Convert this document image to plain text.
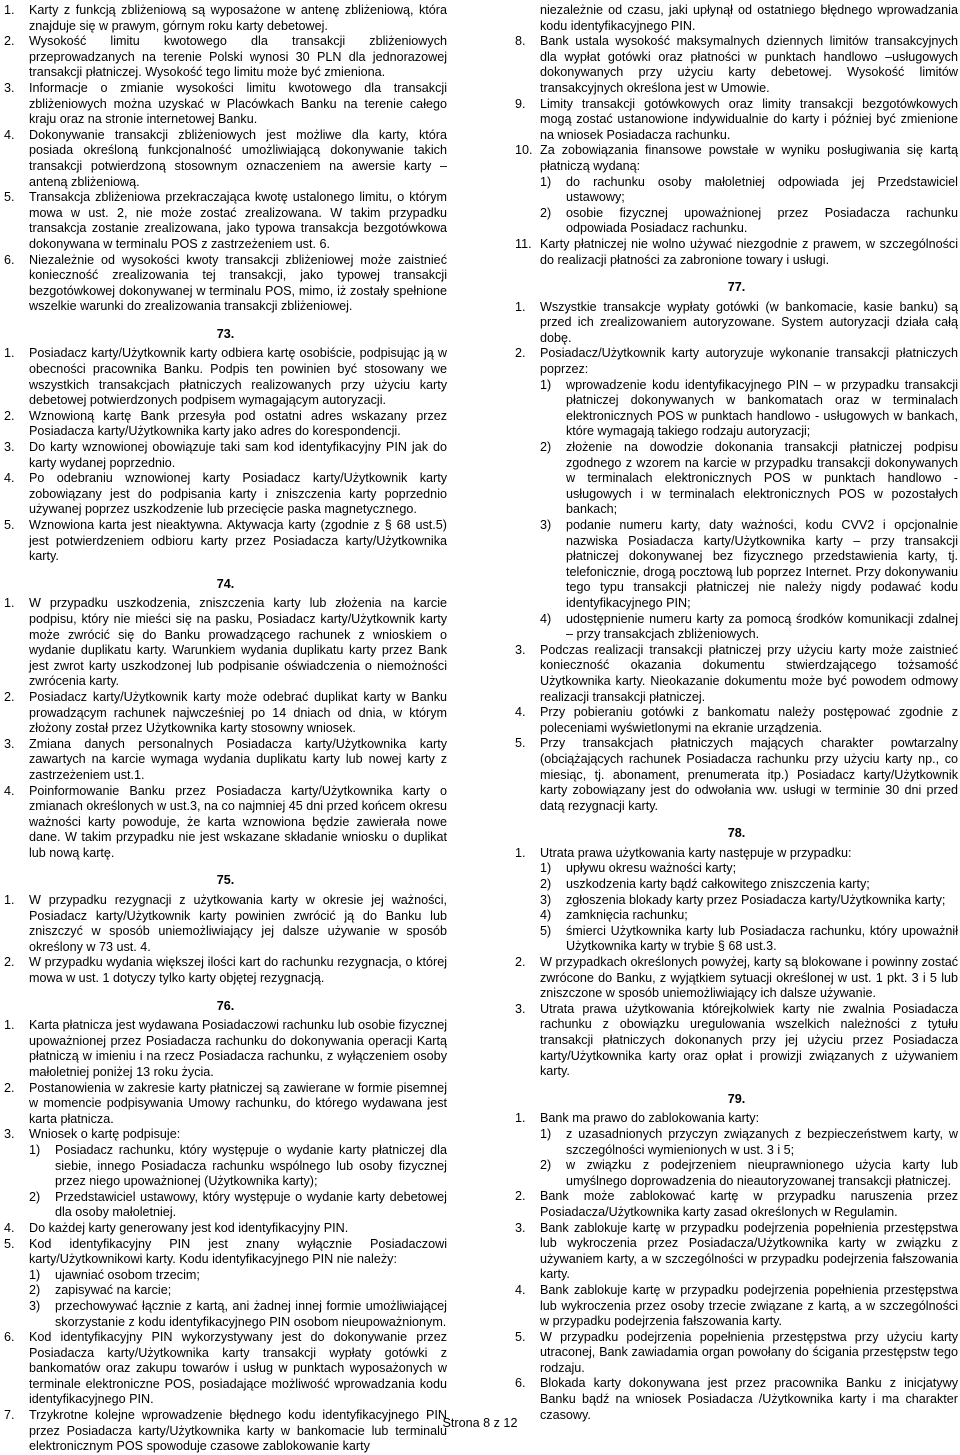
1. Karty z funkcją zbliżeniową są wyposażone w antenę zbliżeniową, która znajduje się w prawym, górnym roku karty debetowej.
2. Wysokość limitu kwotowego dla transakcji zbliżeniowych przeprowadzanych na terenie Polski wynosi 30 PLN dla jednorazowej transakcji płatniczej. Wysokość tego limitu może być zmieniona.
3. Informacje o zmianie wysokości limitu kwotowego dla transakcji zbliżeniowych można uzyskać w Placówkach Banku na terenie całego kraju oraz na stronie internetowej Banku.
4. Dokonywanie transakcji zbliżeniowych jest możliwe dla karty, która posiada określoną funkcjonalność umożliwiającą dokonywanie takich transakcji potwierdzoną stosownym oznaczeniem na awersie karty – anteną zbliżeniową.
5. Transakcja zbliżeniowa przekraczająca kwotę ustalonego limitu, o którym mowa w ust. 2, nie może zostać zrealizowana. W takim przypadku transakcja zostanie zrealizowana, jako typowa transakcja bezgotówkowa dokonywana w terminalu POS z zastrzeżeniem ust. 6.
6. Niezależnie od wysokości kwoty transakcji zbliżeniowej może zaistnieć konieczność zrealizowania tej transakcji, jako typowej transakcji bezgotówkowej dokonywanej w terminalu POS, mimo, iż zostały spełnione wszelkie warunki do zrealizowania transakcji zbliżeniowej.
73.
1. Posiadacz karty/Użytkownik karty odbiera kartę osobiście, podpisując ją w obecności pracownika Banku. Podpis ten powinien być stosowany we wszystkich transakcjach płatniczych realizowanych przy użyciu karty debetowej potwierdzonych podpisem wymagającym autoryzacji.
2. Wznowioną kartę Bank przesyła pod ostatni adres wskazany przez Posiadacza karty/Użytkownika karty jako adres do korespondencji.
3. Do karty wznowionej obowiązuje taki sam kod identyfikacyjny PIN jak do karty wydanej poprzednio.
4. Po odebraniu wznowionej karty Posiadacz karty/Użytkownik karty zobowiązany jest do podpisania karty i zniszczenia karty poprzednio używanej poprzez uszkodzenie lub przecięcie paska magnetycznego.
5. Wznowiona karta jest nieaktywna. Aktywacja karty (zgodnie z § 68 ust.5) jest potwierdzeniem odbioru karty przez Posiadacza karty/Użytkownika karty.
74.
1. W przypadku uszkodzenia, zniszczenia karty lub złożenia na karcie podpisu, który nie mieści się na pasku, Posiadacz karty/Użytkownik karty może zwrócić się do Banku prowadzącego rachunek z wnioskiem o wydanie duplikatu karty. Warunkiem wydania duplikatu karty przez Bank jest zwrot karty uszkodzonej lub podpisanie oświadczenia o niemożności zwrócenia karty.
2. Posiadacz karty/Użytkownik karty może odebrać duplikat karty w Banku prowadzącym rachunek najwcześniej po 14 dniach od dnia, w którym złożony został przez Użytkownika karty stosowny wniosek.
3. Zmiana danych personalnych Posiadacza karty/Użytkownika karty zawartych na karcie wymaga wydania duplikatu karty lub nowej karty z zastrzeżeniem ust.1.
4. Poinformowanie Banku przez Posiadacza karty/Użytkownika karty o zmianach określonych w ust.3, na co najmniej 45 dni przed końcem okresu ważności karty powoduje, że karta wznowiona będzie zawierała nowe dane. W takim przypadku nie jest wskazane składanie wniosku o duplikat lub nową kartę.
75.
1. W przypadku rezygnacji z użytkowania karty w okresie jej ważności, Posiadacz karty/Użytkownik karty powinien zwrócić ją do Banku lub zniszczyć w sposób uniemożliwiający jej dalsze używanie w sposób określony w 73 ust. 4.
2. W przypadku wydania większej ilości kart do rachunku rezygnacja, o której mowa w ust. 1 dotyczy tylko karty objętej rezygnacją.
76.
1. Karta płatnicza jest wydawana Posiadaczowi rachunku lub osobie fizycznej upoważnionej przez Posiadacza rachunku do dokonywania operacji Kartą płatniczą w imieniu i na rzecz Posiadacza rachunku, z wyłączeniem osoby małoletniej poniżej 13 roku życia.
2. Postanowienia w zakresie karty płatniczej są zawierane w formie pisemnej w momencie podpisywania Umowy rachunku, do którego wydawana jest karta płatnicza.
3. Wniosek o kartę podpisuje:
1) Posiadacz rachunku, który występuje o wydanie karty płatniczej dla siebie, innego Posiadacza rachunku wspólnego lub osoby fizycznej przez niego upoważnionej (Użytkownika karty);
2) Przedstawiciel ustawowy, który występuje o wydanie karty debetowej dla osoby małoletniej.
4. Do każdej karty generowany jest kod identyfikacyjny PIN.
5. Kod identyfikacyjny PIN jest znany wyłącznie Posiadaczowi karty/Użytkownikowi karty. Kodu identyfikacyjnego PIN nie należy:
1) ujawniać osobom trzecim;
2) zapisywać na karcie;
3) przechowywać łącznie z kartą, ani żadnej innej formie umożliwiającej skorzystanie z kodu identyfikacyjnego PIN osobom nieupoważnionym.
6. Kod identyfikacyjny PIN wykorzystywany jest do dokonywanie przez Posiadacza karty/Użytkownika karty transakcji wypłaty gotówki z bankomatów oraz zakupu towarów i usług w punktach wyposażonych w terminale elektroniczne POS, posiadające możliwość wprowadzania kodu identyfikacyjnego PIN.
7. Trzykrotne kolejne wprowadzenie błędnego kodu identyfikacyjnego PIN przez Posiadacza karty/Użytkownika karty w bankomacie lub terminalu elektronicznym POS spowoduje czasowe zablokowanie karty
niezależnie od czasu, jaki upłynął od ostatniego błędnego wprowadzania kodu identyfikacyjnego PIN.
8. Bank ustala wysokość maksymalnych dziennych limitów transakcyjnych dla wypłat gotówki oraz płatności w punktach handlowo –usługowych dokonywanych przy użyciu karty debetowej. Wysokość limitów transakcyjnych określona jest w Umowie.
9. Limity transakcji gotówkowych oraz limity transakcji bezgotówkowych mogą zostać ustanowione indywidualnie do karty i później być zmienione na wniosek Posiadacza rachunku.
10. Za zobowiązania finansowe powstałe w wyniku posługiwania się kartą płatniczą wydaną:
1) do rachunku osoby małoletniej odpowiada jej Przedstawiciel ustawowy;
2) osobie fizycznej upoważnionej przez Posiadacza rachunku odpowiada Posiadacz rachunku.
11. Karty płatniczej nie wolno używać niezgodnie z prawem, w szczególności do realizacji płatności za zabronione towary i usługi.
77.
1. Wszystkie transakcje wypłaty gotówki (w bankomacie, kasie banku) są przed ich zrealizowaniem autoryzowane. System autoryzacji działa całą dobę.
2. Posiadacz/Użytkownik karty autoryzuje wykonanie transakcji płatniczych poprzez:
1) wprowadzenie kodu identyfikacyjnego PIN – w przypadku transakcji płatniczej dokonywanych w bankomatach oraz w terminalach elektronicznych POS w punktach handlowo - usługowych w bankach, które wymagają takiego rodzaju autoryzacji;
2) złożenie na dowodzie dokonania transakcji płatniczej podpisu zgodnego z wzorem na karcie w przypadku transakcji dokonywanych w terminalach elektronicznych POS w punktach handlowo - usługowych i w terminalach elektronicznych POS w pozostałych bankach;
3) podanie numeru karty, daty ważności, kodu CVV2 i opcjonalnie nazwiska Posiadacza karty/Użytkownika karty – przy transakcji płatniczej dokonywanej bez fizycznego przedstawienia karty, tj. telefonicznie, drogą pocztową lub poprzez Internet. Przy dokonywaniu tego typu transakcji płatniczej nie należy nigdy podawać kodu identyfikacyjnego PIN;
4) udostępnienie numeru karty za pomocą środków komunikacji zdalnej – przy transakcjach zbliżeniowych.
3. Podczas realizacji transakcji płatniczej przy użyciu karty może zaistnieć konieczność okazania dokumentu stwierdzającego tożsamość Użytkownika karty. Nieokazanie dokumentu może być powodem odmowy realizacji transakcji płatniczej.
4. Przy pobieraniu gotówki z bankomatu należy postępować zgodnie z poleceniami wyświetlonymi na ekranie urządzenia.
5. Przy transakcjach płatniczych mających charakter powtarzalny (obciążających rachunek Posiadacza rachunku przy użyciu karty np., co miesiąc, tj. abonament, prenumerata itp.) Posiadacz karty/Użytkownik karty zobowiązany jest do odwołania ww. usługi w terminie 30 dni przed datą rezygnacji karty.
78.
1. Utrata prawa użytkowania karty następuje w przypadku:
1) upływu okresu ważności karty;
2) uszkodzenia karty bądź całkowitego zniszczenia karty;
3) zgłoszenia blokady karty przez Posiadacza karty/Użytkownika karty;
4) zamknięcia rachunku;
5) śmierci Użytkownika karty lub Posiadacza rachunku, który upoważnił Użytkownika karty w trybie § 68 ust.3.
2. W przypadkach określonych powyżej, karty są blokowane i powinny zostać zwrócone do Banku, z wyjątkiem sytuacji określonej w ust. 1 pkt. 3 i 5 lub zniszczone w sposób uniemożliwiający ich dalsze używanie.
3. Utrata prawa użytkowania którejkolwiek karty nie zwalnia Posiadacza rachunku z obowiązku uregulowania wszelkich należności z tytułu transakcji płatniczych dokonanych przy jej użyciu przez Posiadacza karty/Użytkownika karty oraz opłat i prowizji związanych z używaniem karty.
79.
1. Bank ma prawo do zablokowania karty:
1) z uzasadnionych przyczyn związanych z bezpieczeństwem karty, w szczególności wymienionych w ust. 3 i 5;
2) w związku z podejrzeniem nieuprawnionego użycia karty lub umyślnego doprowadzenia do nieautoryzowanej transakcji płatniczej.
2. Bank może zablokować kartę w przypadku naruszenia przez Posiadacza/Użytkownika karty zasad określonych w Regulamin.
3. Bank zablokuje kartę w przypadku podejrzenia popełnienia przestępstwa lub wykroczenia przez Posiadacza/Użytkownika karty w związku z używaniem karty, a w szczególności w przypadku podejrzenia fałszowania karty.
4. Bank zablokuje kartę w przypadku podejrzenia popełnienia przestępstwa lub wykroczenia przez osoby trzecie związane z kartą, a w szczególności w przypadku podejrzenia fałszowania karty.
5. W przypadku podejrzenia popełnienia przestępstwa przy użyciu karty utraconej, Bank zawiadamia organ powołany do ścigania przestępstw tego rodzaju.
6. Blokada karty dokonywana jest przez pracownika Banku z inicjatywy Banku bądź na wniosek Posiadacza /Użytkownika karty i ma charakter czasowy.
Strona 8 z 12
